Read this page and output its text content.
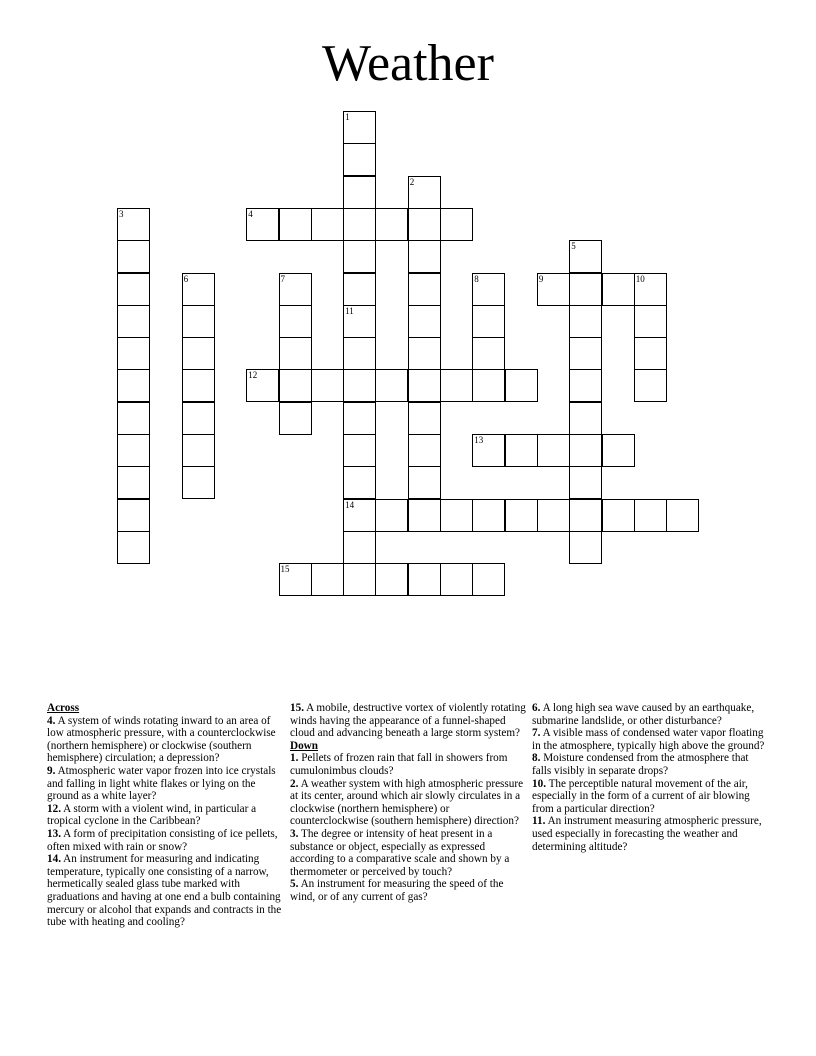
Weather
1
2
3	4
5
6	7	8	9	10
11
14
12
13
15

Across

4. A system of winds rotating inward to an area of low atmospheric pressure, with a counterclockwise (northern hemisphere) or clockwise (southern hemisphere) circulation; a depression?

9. Atmospheric water vapor frozen into ice crystals and falling in light white flakes or lying on the ground as a white layer?

12. A storm with a violent wind, in particular a tropical cyclone in the Caribbean?

13. A form of precipitation consisting of ice pellets, often mixed with rain or snow?

14. An instrument for measuring and indicating temperature, typically one consisting of a narrow, hermetically sealed glass tube marked with graduations and having at one end a bulb containing mercury or alcohol that expands and contracts in the tube with heating and cooling?

15. A mobile, destructive vortex of violently rotating winds having the appearance of a funnel-shaped cloud and advancing beneath a large storm system?

Down

1. Pellets of frozen rain that fall in showers from cumulonimbus clouds?

2. A weather system with high atmospheric pressure at its center, around which air slowly circulates in a clockwise (northern hemisphere) or counterclockwise (southern hemisphere) direction?

3. The degree or intensity of heat present in a substance or object, especially as expressed according to a comparative scale and shown by a thermometer or perceived by touch?

5. An instrument for measuring the speed of the wind, or of any current of gas?

6. A long high sea wave caused by an earthquake, submarine landslide, or other disturbance?

7. A visible mass of condensed water vapor floating in the atmosphere, typically high above the ground?

8. Moisture condensed from the atmosphere that falls visibly in separate drops?

10. The perceptible natural movement of the air, especially in the form of a current of air blowing from a particular direction?

11. An instrument measuring atmospheric pressure, used especially in forecasting the weather and determining altitude?
